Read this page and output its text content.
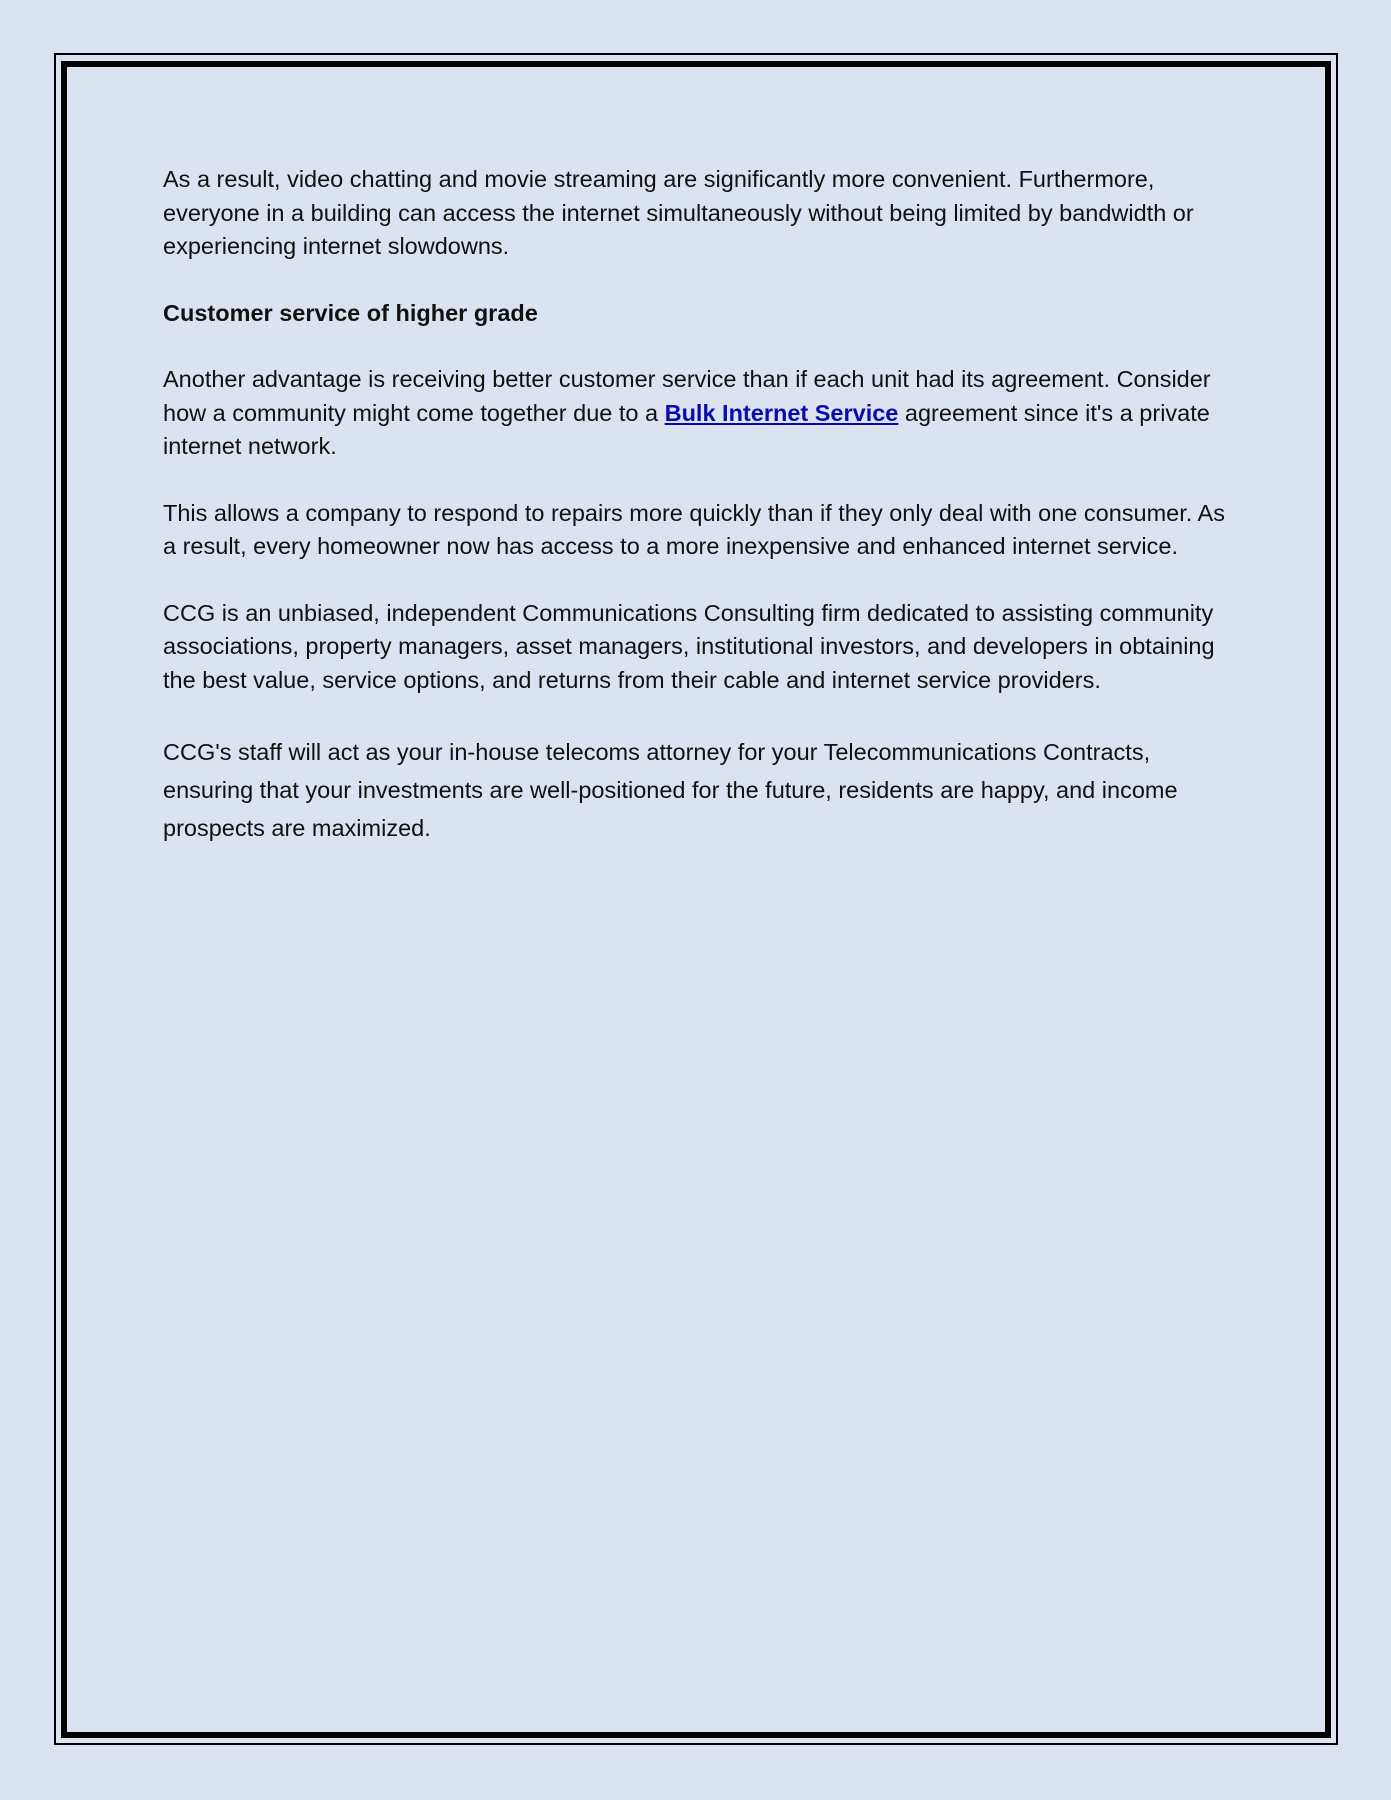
As a result, video chatting and movie streaming are significantly more convenient. Furthermore, everyone in a building can access the internet simultaneously without being limited by bandwidth or experiencing internet slowdowns.

Customer service of higher grade

Another advantage is receiving better customer service than if each unit had its agreement. Consider how a community might come together due to a Bulk Internet Service agreement since it's a private internet network.

This allows a company to respond to repairs more quickly than if they only deal with one consumer. As a result, every homeowner now has access to a more inexpensive and enhanced internet service.

CCG is an unbiased, independent Communications Consulting firm dedicated to assisting community associations, property managers, asset managers, institutional investors, and developers in obtaining the best value, service options, and returns from their cable and internet service providers.

CCG's staff will act as your in-house telecoms attorney for your Telecommunications Contracts, ensuring that your investments are well-positioned for the future, residents are happy, and income prospects are maximized.
